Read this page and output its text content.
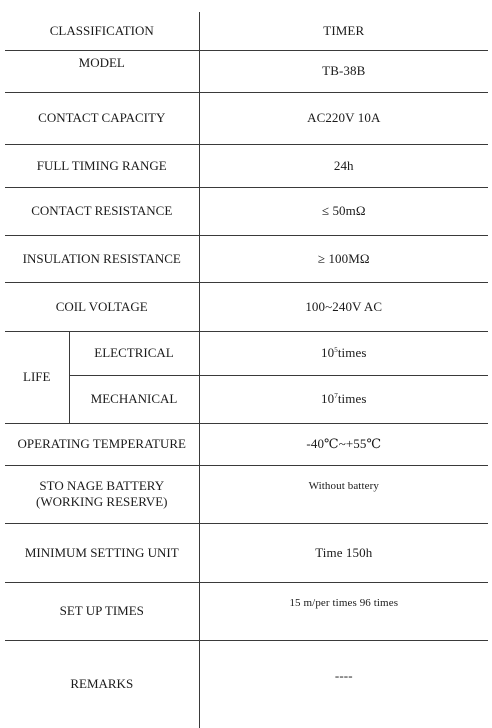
CLASSIFICATION		TIMER
MODEL		TB-38B
CONTACT CAPACITY		AC220V 10A
FULL TIMING RANGE		24h
CONTACT RESISTANCE		≤ 50mΩ
INSULATION RESISTANCE		≥ 100MΩ
COIL VOLTAGE		100~240V AC
LIFE	ELECTRICAL	$10^5times$
	MECHANICAL	$10^7times$
OPERATING TEMPERATURE		-40℃~+55℃

STO NAGE BATTERY
(WORKING RESERVE)		Without battery
MINIMUM SETTING UNIT		Time 150h
SET UP TIMES		15 m/per times 96 times
REMARKS		----
